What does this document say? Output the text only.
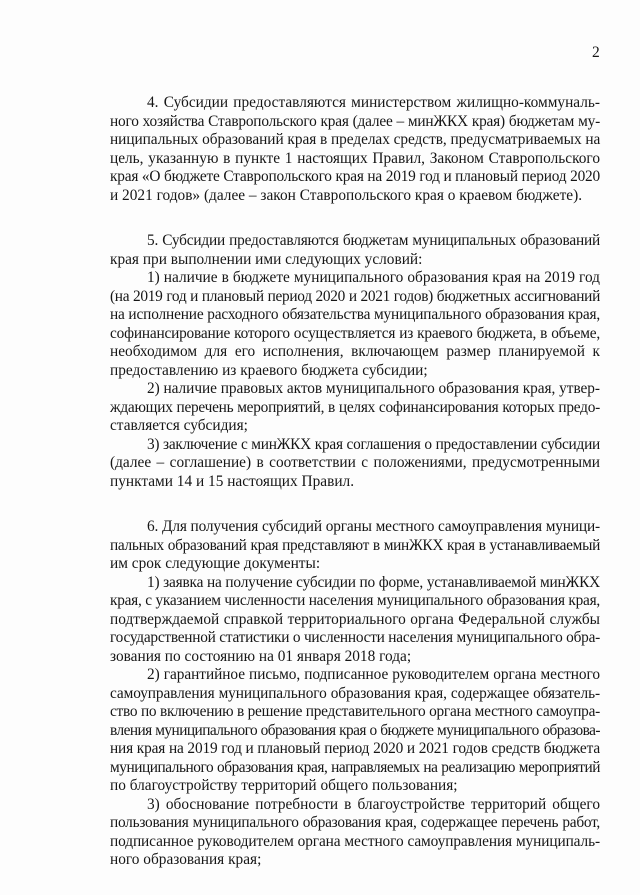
2
4. Субсидии предоставляются министерством жилищно-коммуналь-
ного хозяйства Ставропольского края (далее – минЖКХ края) бюджетам му-
ниципальных образований края в пределах средств, предусматриваемых на
цель, указанную в пункте 1 настоящих Правил, Законом Ставропольского
края «О бюджете Ставропольского края на 2019 год и плановый период 2020
и 2021 годов» (далее – закон Ставропольского края о краевом бюджете).
5. Субсидии предоставляются бюджетам муниципальных образований
края при выполнении ими следующих условий:
1) наличие в бюджете муниципального образования края на 2019 год
(на 2019 год и плановый период 2020 и 2021 годов) бюджетных ассигнований
на исполнение расходного обязательства муниципального образования края,
софинансирование которого осуществляется из краевого бюджета, в объеме,
необходимом для его исполнения, включающем размер планируемой к
предоставлению из краевого бюджета субсидии;
2) наличие правовых актов муниципального образования края, утвер-
ждающих перечень мероприятий, в целях софинансирования которых предо-
ставляется субсидия;
3) заключение с минЖКХ края соглашения о предоставлении субсидии
(далее – соглашение) в соответствии с положениями, предусмотренными
пунктами 14 и 15 настоящих Правил.
6. Для получения субсидий органы местного самоуправления муници-
пальных образований края представляют в минЖКХ края в устанавливаемый
им срок следующие документы:
1) заявка на получение субсидии по форме, устанавливаемой минЖКХ
края, с указанием численности населения муниципального образования края,
подтверждаемой справкой территориального органа Федеральной службы
государственной статистики о численности населения муниципального обра-
зования по состоянию на 01 января 2018 года;
2) гарантийное письмо, подписанное руководителем органа местного
самоуправления муниципального образования края, содержащее обязатель-
ство по включению в решение представительного органа местного самоупра-
вления муниципального образования края о бюджете муниципального образова-
ния края на 2019 год и плановый период 2020 и 2021 годов средств бюджета
муниципального образования края, направляемых на реализацию мероприятий
по благоустройству территорий общего пользования;
3) обоснование потребности в благоустройстве территорий общего
пользования муниципального образования края, содержащее перечень работ,
подписанное руководителем органа местного самоуправления муниципаль-
ного образования края;
